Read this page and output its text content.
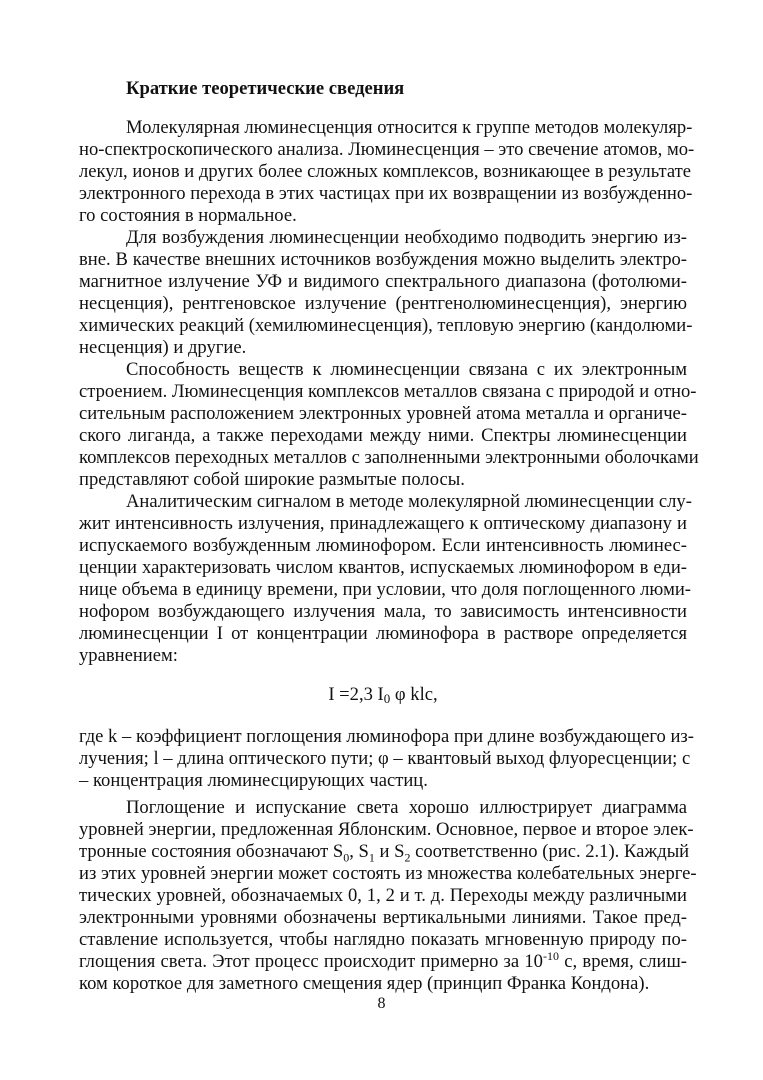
Краткие теоретические сведения
Молекулярная люминесценция относится к группе методов молекуляр-
но-спектроскопического анализа. Люминесценция – это свечение атомов, мо-
лекул, ионов и других более сложных комплексов, возникающее в результате
электронного перехода в этих частицах при их возвращении из возбужденно-
го состояния в нормальное.
Для возбуждения люминесценции необходимо подводить энергию из-
вне. В качестве внешних источников возбуждения можно выделить электро-
магнитное излучение УФ и видимого спектрального диапазона (фотолюми-
несценция), рентгеновское излучение (рентгенолюминесценция), энергию
химических реакций (хемилюминесценция), тепловую энергию (кандолюми-
несценция) и другие.
Способность веществ к люминесценции связана с их электронным
строением. Люминесценция комплексов металлов связана с природой и отно-
сительным расположением электронных уровней атома металла и органиче-
ского лиганда, а также переходами между ними. Спектры люминесценции
комплексов переходных металлов с заполненными электронными оболочками
представляют собой широкие размытые полосы.
Аналитическим сигналом в методе молекулярной люминесценции слу-
жит интенсивность излучения, принадлежащего к оптическому диапазону и
испускаемого возбужденным люминофором. Если интенсивность люминес-
ценции характеризовать числом квантов, испускаемых люминофором в еди-
нице объема в единицу времени, при условии, что доля поглощенного люми-
нофором возбуждающего излучения мала, то зависимость интенсивности
люминесценции I от концентрации люминофора в растворе определяется
уравнением:
I =2,3 $I_0$ φ klc,
где k – коэффициент поглощения люминофора при длине возбуждающего из-
лучения; l – длина оптического пути; φ – квантовый выход флуоресценции; с
– концентрация люминесцирующих частиц.
Поглощение и испускание света хорошо иллюстрирует диаграмма
уровней энергии, предложенная Яблонским. Основное, первое и второе элек-
тронные состояния обозначают $S_0$, $S_1$ и $S_2$ соответственно (рис. 2.1). Каждый
из этих уровней энергии может состоять из множества колебательных энерге-
тических уровней, обозначаемых 0, 1, 2 и т. д. Переходы между различными
электронными уровнями обозначены вертикальными линиями. Такое пред-
ставление используется, чтобы наглядно показать мгновенную природу по-
глощения света. Этот процесс происходит примерно за $10^{-10}$ с, время, слиш-
ком короткое для заметного смещения ядер (принцип Франка Кондона).
8
